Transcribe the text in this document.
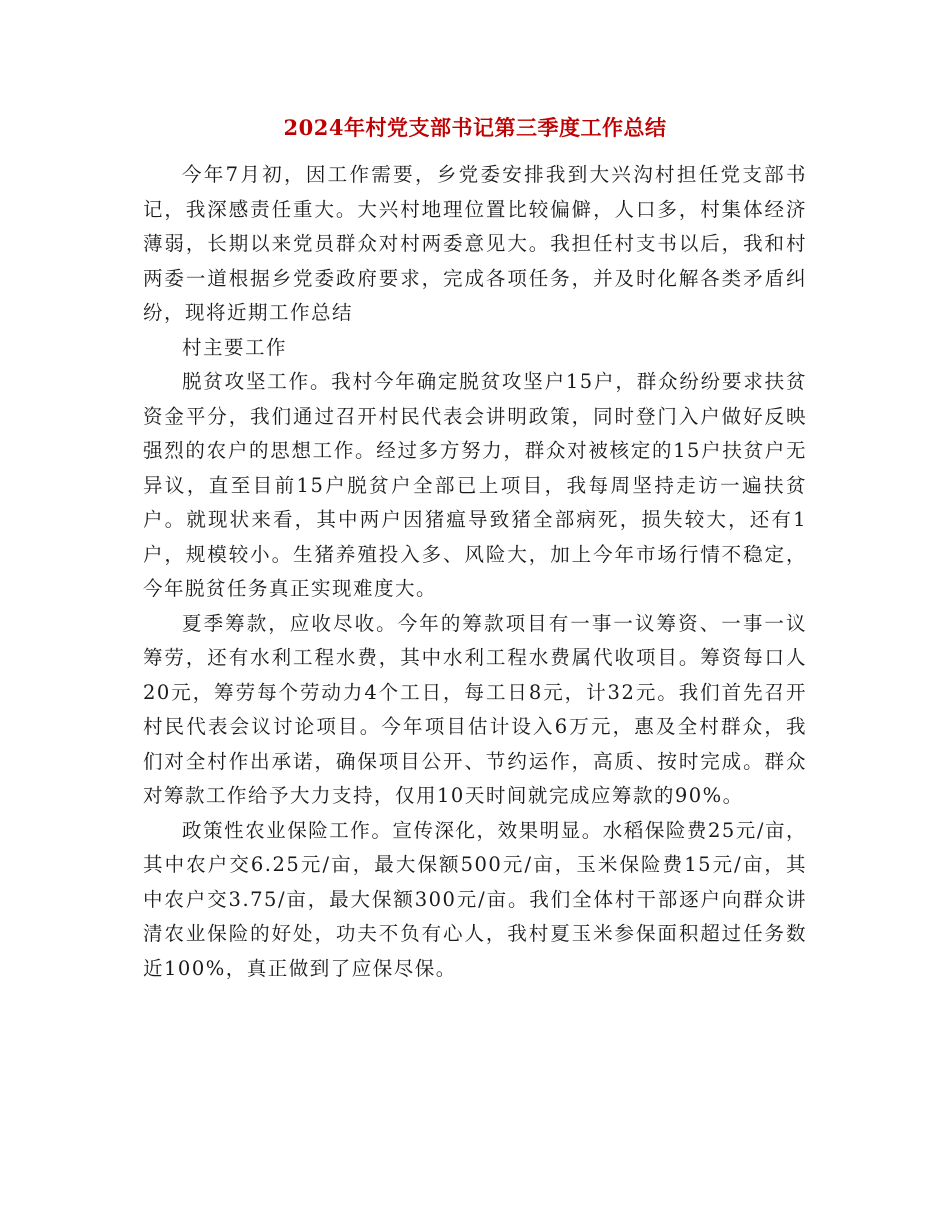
2024年村党支部书记第三季度工作总结

今年7月初，因工作需要，乡党委安排我到大兴沟村担任党支部书记，我深感责任重大。大兴村地理位置比较偏僻，人口多，村集体经济薄弱，长期以来党员群众对村两委意见大。我担任村支书以后，我和村两委一道根据乡党委政府要求，完成各项任务，并及时化解各类矛盾纠纷，现将近期工作总结

村主要工作

脱贫攻坚工作。我村今年确定脱贫攻坚户15户，群众纷纷要求扶贫资金平分，我们通过召开村民代表会讲明政策，同时登门入户做好反映强烈的农户的思想工作。经过多方努力，群众对被核定的15户扶贫户无异议，直至目前15户脱贫户全部已上项目，我每周坚持走访一遍扶贫户。就现状来看，其中两户因猪瘟导致猪全部病死，损失较大，还有1户，规模较小。生猪养殖投入多、风险大，加上今年市场行情不稳定，今年脱贫任务真正实现难度大。

夏季筹款，应收尽收。今年的筹款项目有一事一议筹资、一事一议筹劳，还有水利工程水费，其中水利工程水费属代收项目。筹资每口人20元，筹劳每个劳动力4个工日，每工日8元，计32元。我们首先召开村民代表会议讨论项目。今年项目估计设入6万元，惠及全村群众，我们对全村作出承诺，确保项目公开、节约运作，高质、按时完成。群众对筹款工作给予大力支持，仅用10天时间就完成应筹款的90%。

政策性农业保险工作。宣传深化，效果明显。水稻保险费25元/亩，其中农户交6.25元/亩，最大保额500元/亩，玉米保险费15元/亩，其中农户交3.75/亩，最大保额300元/亩。我们全体村干部逐户向群众讲清农业保险的好处，功夫不负有心人，我村夏玉米参保面积超过任务数近100%，真正做到了应保尽保。
